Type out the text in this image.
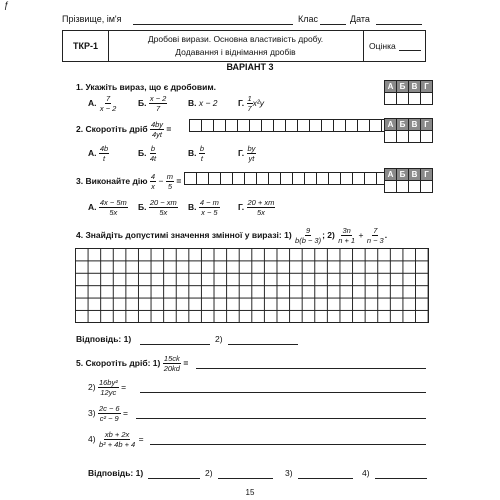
ƒ
Прізвище, ім'я	Клас	Дата
ТКР-1
Дробові вирази. Основна властивість дробу.
Додавання і віднімання дробів
Оцінка
ВАРІАНТ 3
1. Укажіть вираз, що є дробовим.	А Б В Г
А. $\frac{7}{x - 2} Б$. $\frac{x - 2}{7} В$. x − 2 Г. $\frac{1}{7} x^2y$
2. Скоротіть дріб $\frac{4by}{4yt}$ =	А Б В Г
А. $\frac{4b}{t}$	Б. $\frac{b}{4t}$	В. $\frac{b}{t}$	Г. $\frac{by}{yt}$
3. Виконайте дію $\frac{4}{x} - \frac{m}{5}$ =
А Б В Г
А. $\frac{4x - 5m}{5x} Б$. $\frac{20 - xm}{5x} В$. $\frac{4 - m}{x - 5} Г$. $\frac{20 + xm}{5x}$
4. Знайдіть допустимі значення змінної у виразі: $1) \frac{9}{b(b - 3)}$ ; $2) \frac{3n}{n + 1} + \frac{7}{n - 3}$ .
Відповідь: 1)	2)
5. Скоротіть дріб: $1) \frac{15ck}{20kd}$ =
$2) \frac{\text{16by²}}{12yc}$ =
$3) \frac{2c - 6}{\text{c² − 9}}$ =
$4) \frac{xb + 2x}{\text{b² + 4b + 4}}$ =
Відповідь: 1)	2)	3)	4)
15
